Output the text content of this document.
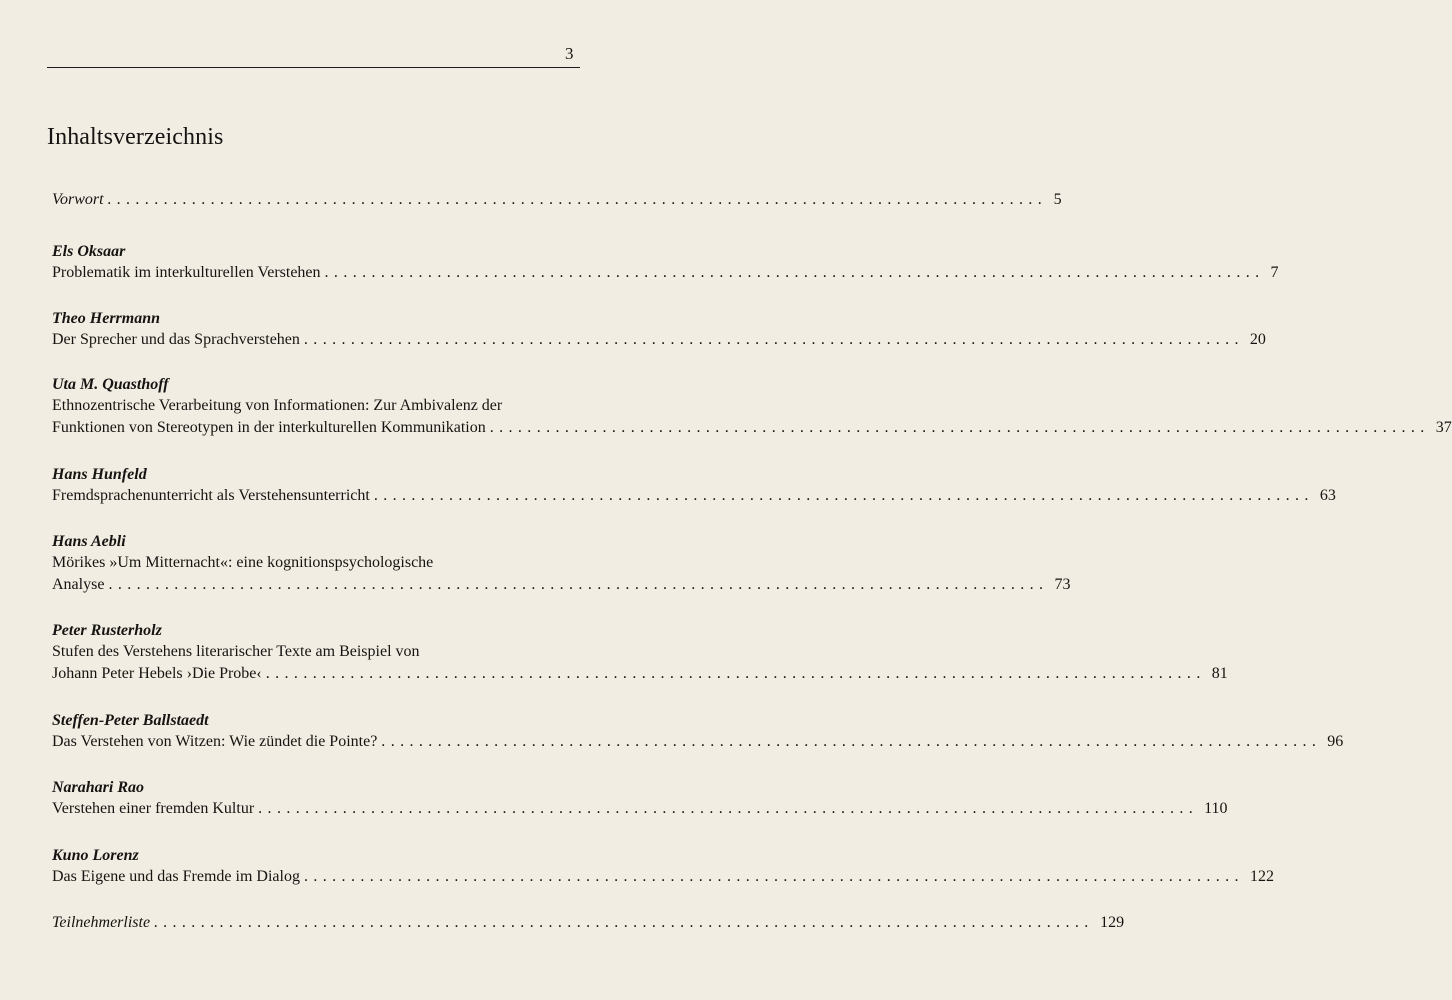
3
Inhaltsverzeichnis
Vorwort .................................................................................................... 5
Els Oksaar
Problematik im interkulturellen Verstehen .................................................................................................... 7
Theo Herrmann
Der Sprecher und das Sprachverstehen .................................................................................................... 20
Uta M. Quasthoff
Ethnozentrische Verarbeitung von Informationen: Zur Ambivalenz der
Funktionen von Stereotypen in der interkulturellen Kommunikation .................................................................................................... 37
Hans Hunfeld
Fremdsprachenunterricht als Verstehensunterricht .................................................................................................... 63
Hans Aebli
Mörikes »Um Mitternacht«: eine kognitionspsychologische
Analyse .................................................................................................... 73
Peter Rusterholz
Stufen des Verstehens literarischer Texte am Beispiel von
Johann Peter Hebels ›Die Probe‹ .................................................................................................... 81
Steffen-Peter Ballstaedt
Das Verstehen von Witzen: Wie zündet die Pointe? .................................................................................................... 96
Narahari Rao
Verstehen einer fremden Kultur .................................................................................................... 110
Kuno Lorenz
Das Eigene und das Fremde im Dialog .................................................................................................... 122
Teilnehmerliste .................................................................................................... 129
